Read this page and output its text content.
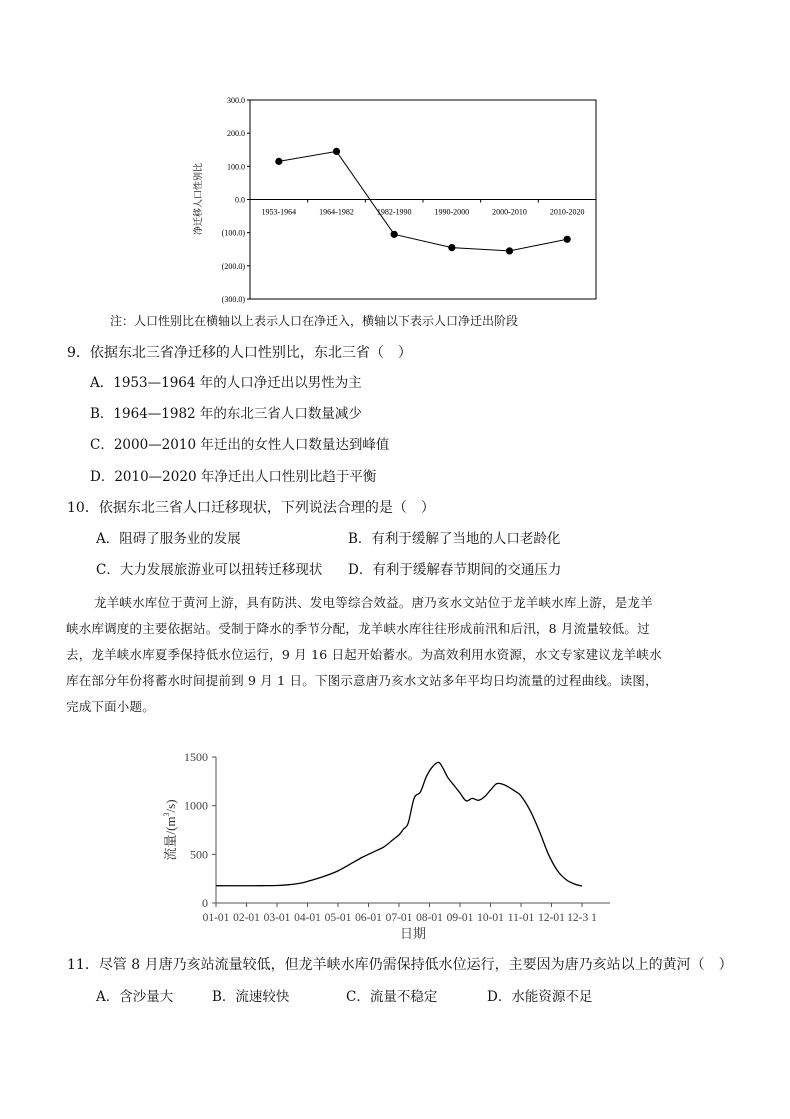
300.0
200.0
100.0
0.0
(100.0)
(200.0)
(300.0)
1953-1964	1964-1982	1982-1990	1990-2000	2000-2010	2010-2020
净迁移人口性别比
注：人口性别比在横轴以上表示人口在净迁入，横轴以下表示人口净迁出阶段
9．依据东北三省净迁移的人口性别比，东北三省（　）
A．1953—1964 年的人口净迁出以男性为主
B．1964—1982 年的东北三省人口数量减少
C．2000—2010 年迁出的女性人口数量达到峰值
D．2010—2020 年净迁出人口性别比趋于平衡
10．依据东北三省人口迁移现状，下列说法合理的是（　）
A．阻碍了服务业的发展	B．有利于缓解了当地的人口老龄化
C．大力发展旅游业可以扭转迁移现状 D．有利于缓解春节期间的交通压力
龙羊峡水库位于黄河上游，具有防洪、发电等综合效益。唐乃亥水文站位于龙羊峡水库上游，是龙羊
峡水库调度的主要依据站。受制于降水的季节分配，龙羊峡水库往往形成前汛和后汛，8 月流量较低。过
去，龙羊峡水库夏季保持低水位运行，9 月 16 日起开始蓄水。为高效利用水资源，水文专家建议龙羊峡水
库在部分年份将蓄水时间提前到 9 月 1 日。下图示意唐乃亥水文站多年平均日均流量的过程曲线。读图，
完成下面小题。
1500
1000
500
0
01-01 02-01 03-01 04-01 05-01 06-01 07-01 08-01 09-01 10-01 11-01 12-01 12-3 1
流量$/(m^3/s)$
日期
11．尽管 8 月唐乃亥站流量较低，但龙羊峡水库仍需保持低水位运行，主要因为唐乃亥站以上的黄河（　）
A．含沙量大	B．流速较快	C．流量不稳定	D．水能资源不足
